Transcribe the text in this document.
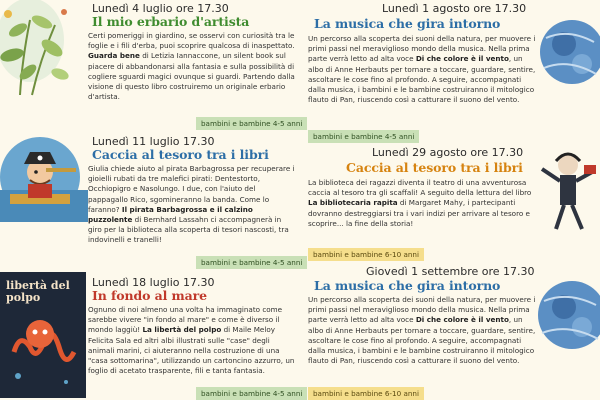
Lunedì 4 luglio ore 17.30
Il mio erbario d'artista
Certi pomeriggi in giardino, se osservi con curiosità tra le foglie e i fili d'erba, puoi scoprire qualcosa di inaspettato. Guarda bene di Letizia Iannaccone, un silent book sul piacere di abbandonarsi alla fantasia e sulla possibilità di cogliere sguardi magici ovunque si guardi. Partendo dalla visione di questo libro costruiremo un originale erbario d'artista.
bambini e bambine 4-5 anni
Lunedì 11 luglio 17.30
Caccia al tesoro tra i libri
Giulia chiede aiuto al pirata Barbagrossa per recuperare i gioielli rubati da tre malefici pirati: Dentestorto, Occhiopigro e Nasolungo. I due, con l'aiuto del pappagallo Rico, sgomineranno la banda. Come lo faranno? Il pirata Barbagrossa e il calzino puzzolente di Bernhard Lassahn ci accompagnerà in giro per la biblioteca alla scoperta di tesori nascosti, tra indovinelli e tranelli!
bambini e bambine 4-5 anni
libertà del polpo
Lunedì 18 luglio 17.30
In fondo al mare
Ognuno di noi almeno una volta ha immaginato come sarebbe vivere "in fondo al mare" e come è diverso il mondo laggiù! La libertà del polpo di Maile Meloy Felicita Sala ed altri albi illustrati sulle "case" degli animali marini, ci aiuteranno nella costruzione di una "casa sottomarina", utilizzando un cartoncino azzurro, un foglio di acetato trasparente, fili e tanta fantasia.
bambini e bambine 4-5 anni
Lunedì 1 agosto ore 17.30
La musica che gira intorno
Un percorso alla scoperta dei suoni della natura, per muovere i primi passi nel meraviglioso mondo della musica. Nella prima parte verrà letto ad alta voce Di che colore è il vento, un albo di Anne Herbauts per tornare a toccare, guardare, sentire, ascoltare le cose fino al profondo. A seguire, accompagnati dalla musica, i bambini e le bambine costruiranno il mitologico flauto di Pan, riuscendo così a catturare il suono del vento.
bambini e bambine 4-5 anni
Lunedì 29 agosto ore 17.30
Caccia al tesoro tra i libri
La biblioteca dei ragazzi diventa il teatro di una avventurosa caccia al tesoro tra gli scaffali! A seguito della lettura del libro La bibliotecaria rapita di Margaret Mahy, i partecipanti dovranno destreggiarsi tra i vari indizi per arrivare al tesoro e scoprire... la fine della storia!
bambini e bambine 6-10 anni
Giovedì 1 settembre ore 17.30
La musica che gira intorno
Un percorso alla scoperta dei suoni della natura, per muovere i primi passi nel meraviglioso mondo della musica. Nella prima parte verrà letto ad alta voce Di che colore è il vento, un albo di Anne Herbauts per tornare a toccare, guardare, sentire, ascoltare le cose fino al profondo. A seguire, accompagnati dalla musica, i bambini e le bambine costruiranno il mitologico flauto di Pan, riuscendo così a catturare il suono del vento.
bambini e bambine 6-10 anni
